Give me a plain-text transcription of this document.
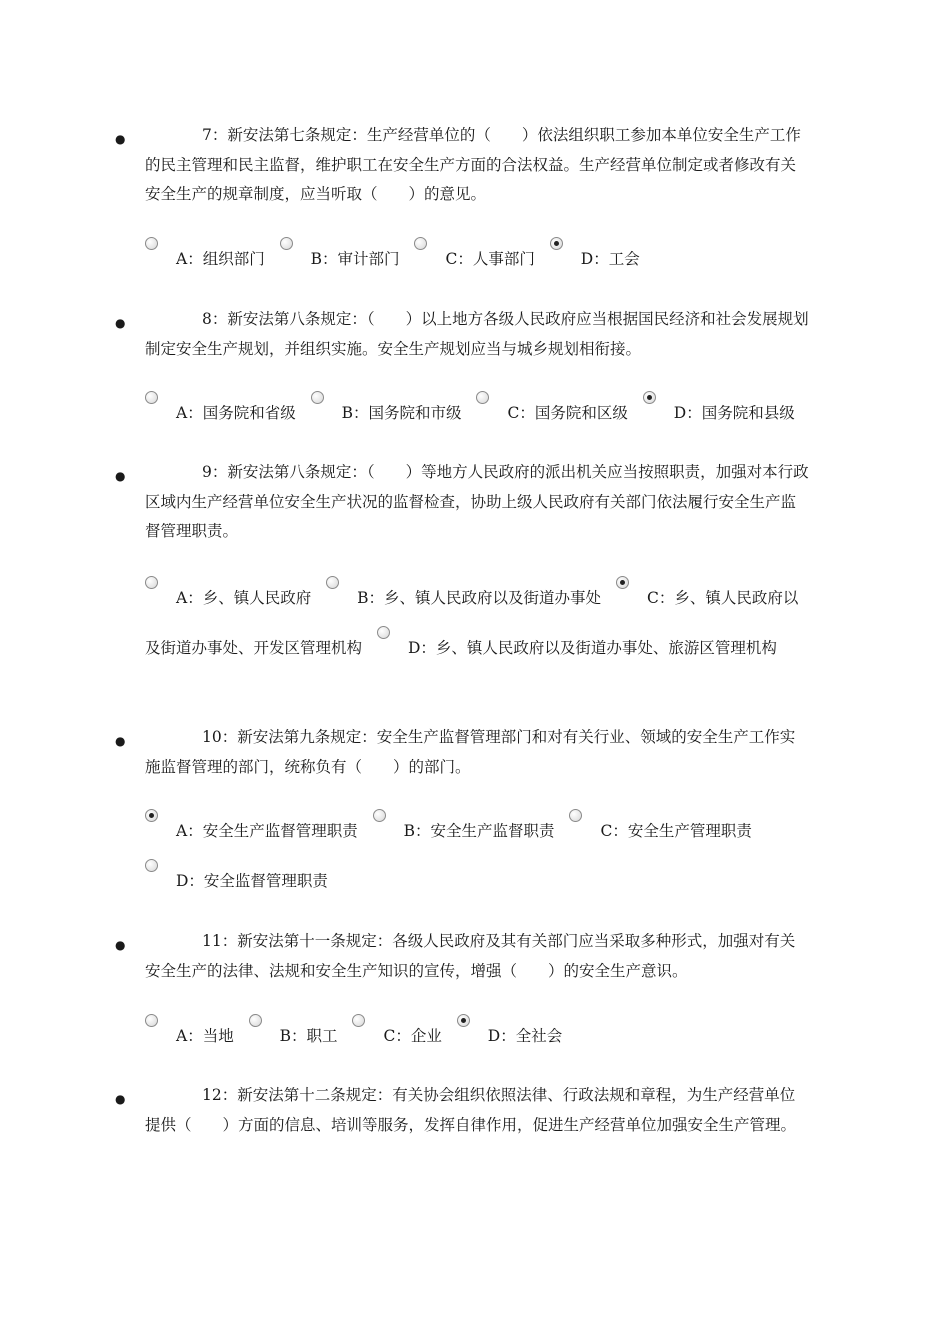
●	7：新安法第七条规定：生产经营单位的（　　）依法组织职工参加本单位安全生产工作的民主管理和民主监督，维护职工在安全生产方面的合法权益。生产经营单位制定或者修改有关安全生产的规章制度，应当听取（　　）的意见。

A：组织部门	B：审计部门	C：人事部门	D：工会
●	8：新安法第八条规定：（　　）以上地方各级人民政府应当根据国民经济和社会发展规划制定安全生产规划，并组织实施。安全生产规划应当与城乡规划相衔接。

A：国务院和省级	B：国务院和市级	C：国务院和区级	D：国务院和县级
●	9：新安法第八条规定：（　　）等地方人民政府的派出机关应当按照职责，加强对本行政区域内生产经营单位安全生产状况的监督检查，协助上级人民政府有关部门依法履行安全生产监督管理职责。

A：乡、镇人民政府	B：乡、镇人民政府以及街道办事处	C：乡、镇人民政府以及街道办事处、开发区管理机构	D：乡、镇人民政府以及街道办事处、旅游区管理机构
●	10：新安法第九条规定：安全生产监督管理部门和对有关行业、领域的安全生产工作实施监督管理的部门，统称负有（　　）的部门。

A：安全生产监督管理职责	B：安全生产监督职责	C：安全生产管理职责 D：安全监督管理职责
●	11：新安法第十一条规定：各级人民政府及其有关部门应当采取多种形式，加强对有关安全生产的法律、法规和安全生产知识的宣传，增强（　　）的安全生产意识。

A：当地	B：职工	C：企业	D：全社会
●	12：新安法第十二条规定：有关协会组织依照法律、行政法规和章程，为生产经营单位提供（　　）方面的信息、培训等服务，发挥自律作用，促进生产经营单位加强安全生产管理。
